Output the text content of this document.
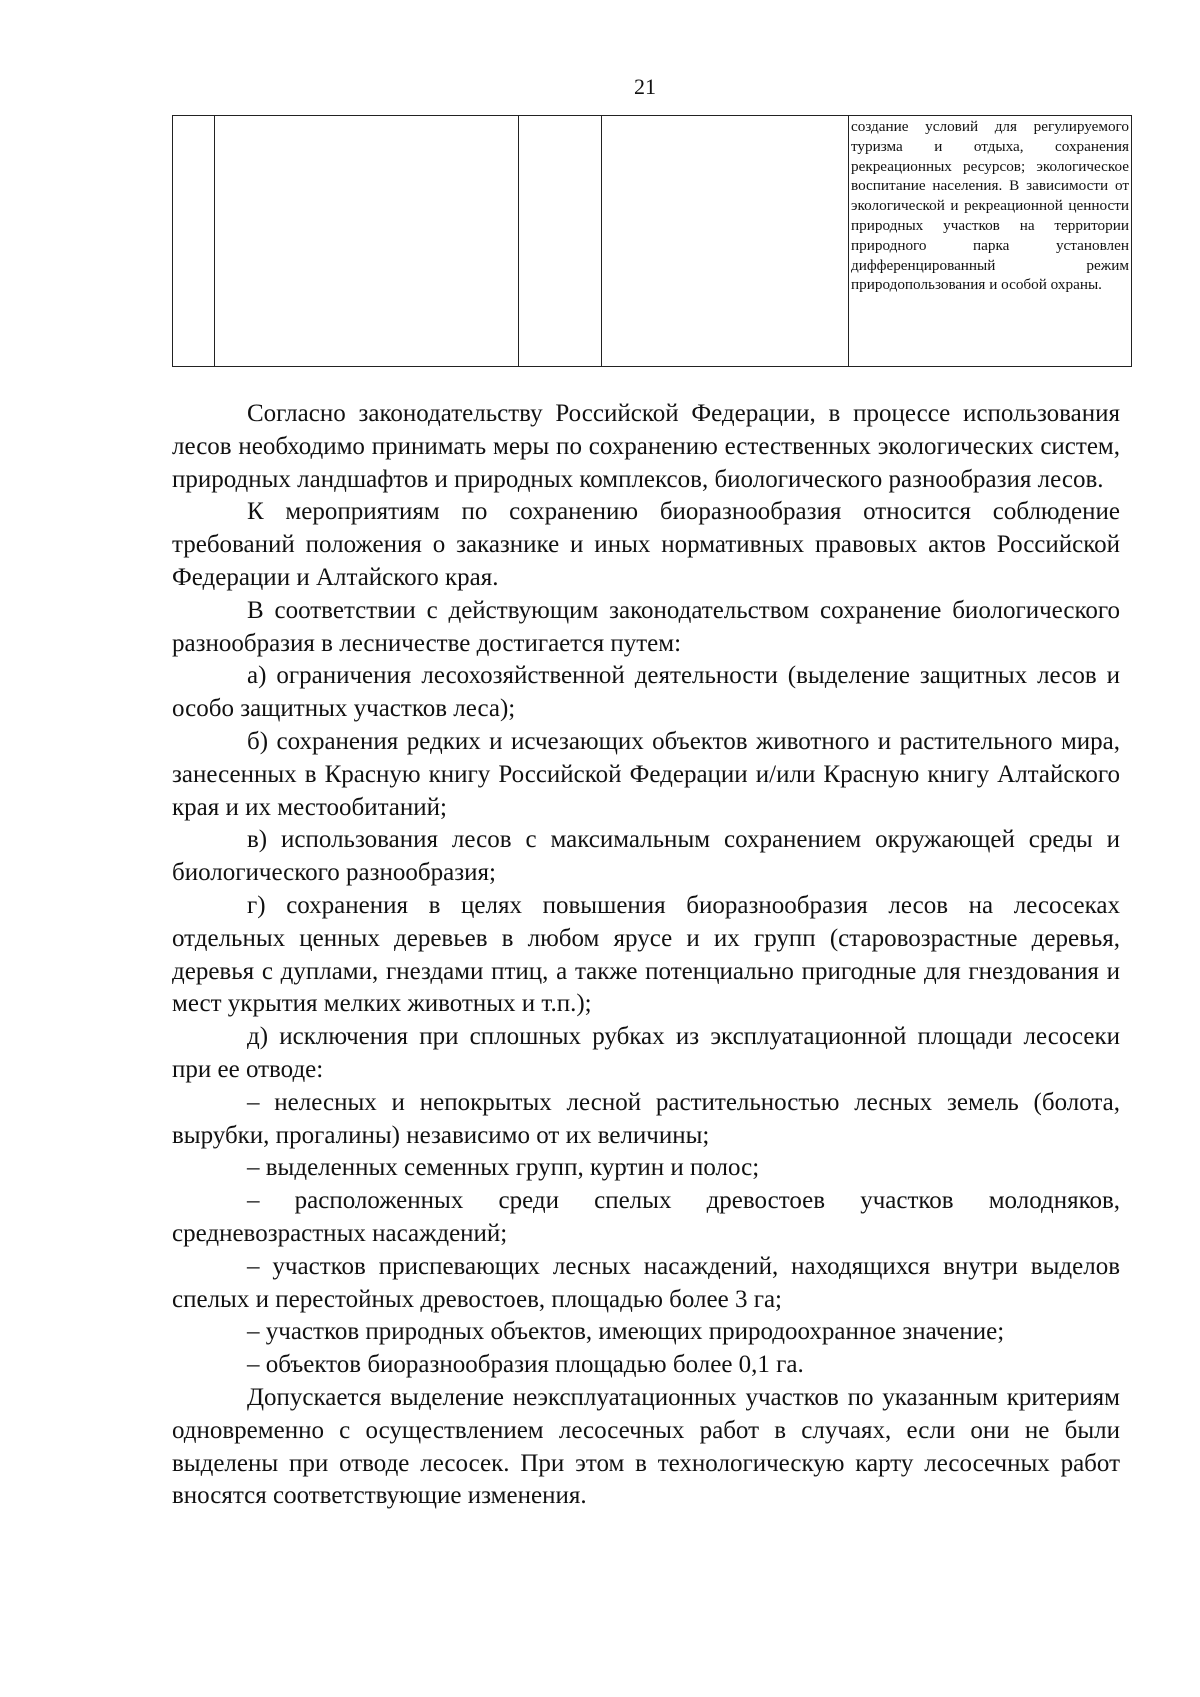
21

создание условий для регулируемого туризма и отдыха, сохранения рекреационных ресурсов; экологическое воспитание населения. В зависимости от экологической и рекреационной ценности природных участков на территории природного парка установлен дифференцированный режим природопользования и особой охраны.

Согласно законодательству Российской Федерации, в процессе использования лесов необходимо принимать меры по сохранению естественных экологических систем, природных ландшафтов и природных комплексов, биологического разнообразия лесов.

К мероприятиям по сохранению биоразнообразия относится соблюдение требований положения о заказнике и иных нормативных правовых актов Российской Федерации и Алтайского края.

В соответствии с действующим законодательством сохранение биологического разнообразия в лесничестве достигается путем:

а) ограничения лесохозяйственной деятельности (выделение защитных лесов и особо защитных участков леса);

б) сохранения редких и исчезающих объектов животного и растительного мира, занесенных в Красную книгу Российской Федерации и/или Красную книгу Алтайского края и их местообитаний;

в) использования лесов с максимальным сохранением окружающей среды и биологического разнообразия;

г) сохранения в целях повышения биоразнообразия лесов на лесосеках отдельных ценных деревьев в любом ярусе и их групп (старовозрастные деревья, деревья с дуплами, гнездами птиц, а также потенциально пригодные для гнездования и мест укрытия мелких животных и т.п.);

д) исключения при сплошных рубках из эксплуатационной площади лесосеки при ее отводе:

– нелесных и непокрытых лесной растительностью лесных земель (болота, вырубки, прогалины) независимо от их величины;

– выделенных семенных групп, куртин и полос;

– расположенных среди спелых древостоев участков молодняков, средневозрастных насаждений;

– участков приспевающих лесных насаждений, находящихся внутри выделов спелых и перестойных древостоев, площадью более 3 га;

– участков природных объектов, имеющих природоохранное значение;

– объектов биоразнообразия площадью более 0,1 га.

Допускается выделение неэксплуатационных участков по указанным критериям одновременно с осуществлением лесосечных работ в случаях, если они не были выделены при отводе лесосек. При этом в технологическую карту лесосечных работ вносятся соответствующие изменения.
